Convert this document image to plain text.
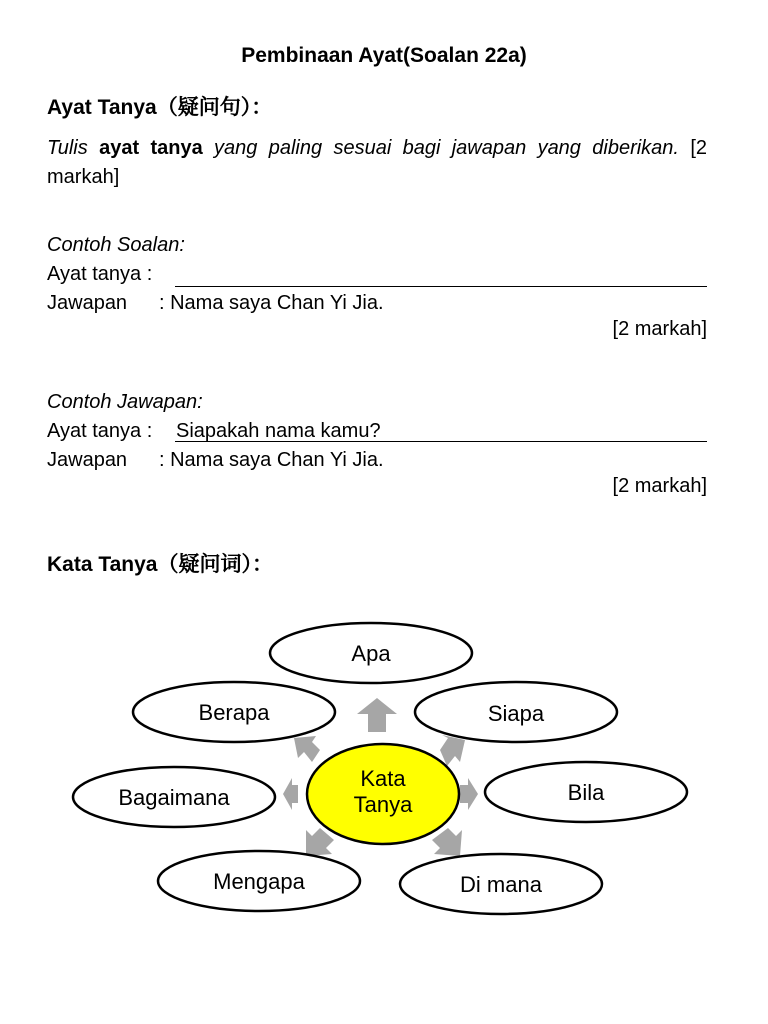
Pembinaan Ayat(Soalan 22a)
Ayat Tanya（疑问句）：
Tulis ayat tanya yang paling sesuai bagi jawapan yang diberikan. [2 markah]
Contoh Soalan:
Ayat tanya :
Jawapan : Nama saya Chan Yi Jia.
[2 markah]
Contoh Jawapan:
Ayat tanya : Siapakah nama kamu?
Jawapan : Nama saya Chan Yi Jia.
[2 markah]
Kata Tanya（疑问词）：
Kata
Tanya
Apa
Siapa
Bila
Di mana
Mengapa
Bagaimana
Berapa
